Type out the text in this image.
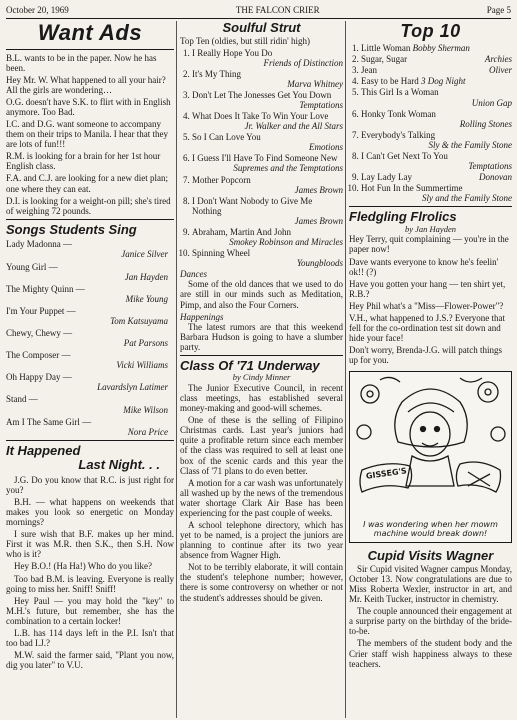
October 20, 1969	THE FALCON CRIER	Page 5
Want Ads

B.L. wants to be in the paper. Now he has been.

Hey Mr. W. What happened to all your hair? All the girls are wondering…

O.G. doesn't have S.K. to flirt with in English anymore. Too Bad.

I.C. and D.G. want someone to accompany them on their trips to Manila. I hear that they are lots of fun!!!

R.M. is looking for a brain for her 1st hour English class.

F.A. and C.J. are looking for a new diet plan; one where they can eat.

D.I. is looking for a weight-on pill; she's tired of weighing 72 pounds.

Songs Students Sing
Lady Madonna —
Janice Silver
Young Girl —
Jan Hayden
The Mighty Quinn —
Mike Young
I'm Your Puppet —
Tom Katsuyama
Chewy, Chewy —
Pat Parsons
The Composer —
Vicki Williams
Oh Happy Day —
Lavardslyn Latimer
Stand —
Mike Wilson
Am I The Same Girl —
Nora Price
It Happened
Last Night. . .

J.G. Do you know that R.C. is just right for you?

B.H. — what happens on weekends that makes you look so energetic on Monday mornings?

I sure wish that B.F. makes up her mind. First it was M.R. then S.K., then S.H. Now who is it?

Hey B.O.! (Ha Ha!) Who do you like?

Too bad B.M. is leaving. Everyone is really going to miss her. Sniff! Sniff!

Hey Paul — you may hold the "key" to M.H.'s future, but remember, she has the combination to a certain locker!

L.B. has 114 days left in the P.I. Isn't that too bad I.J.?

M.W. said the farmer said, "Plant you now, dig you later" to V.U.

Soulful Strut

Top Ten (oldies, but still ridin' high)

1. I Really Hope You Do
Friends of Distinction
2. It's My Thing
Marva Whitney
3. Don't Let The Jonesses Get You Down
Temptations
4. What Does It Take To Win Your Love
Jr. Walker and the All Stars
5. So I Can Love You
Emotions
6. I Guess I'll Have To Find Someone New
Supremes and the Temptations
7. Mother Popcorn
James Brown
8. I Don't Want Nobody to Give Me Nothing
James Brown
9. Abraham, Martin And John
Smokey Robinson and Miracles
10. Spinning Wheel
Youngbloods
Dances

Some of the old dances that we used to do are still in our minds such as Meditation, Pimp, and also the Four Corners.

Happenings

The latest rumors are that this weekend Barbara Hudson is going to have a slumber party.

Class Of '71 Underway
by Cindy Minner

The Junior Executive Council, in recent class meetings, has established several money-making and good-will schemes.

One of these is the selling of Filipino Christmas cards. Last year's juniors had quite a profitable return since each member of the class was required to sell at least one box of the scenic cards and this year the Class of '71 plans to do even better.

A motion for a car wash was unfortunately all washed up by the news of the tremendous water shortage Clark Air Base has been experiencing for the past couple of weeks.

A school telephone directory, which has yet to be named, is a project the juniors are planning to continue after its two year absence from Wagner High.

Not to be terribly elaborate, it will contain the student's telephone number; however, there is some controversy on whether or not the student's addresses should be given.

Top 10
1. Little Woman Bobby Sherman
2. Sugar, Sugar	Archies
3. Jean	Oliver
4. Easy to be Hard 3 Dog Night
5. This Girl Is a Woman
Union Gap
6. Honky Tonk Woman
Rolling Stones
7. Everybody's Talking
Sly & the Family Stone
8. I Can't Get Next To You
Temptations
9. Lay Lady Lay	Donovan
10. Hot Fun In the Summertime
Sly and the Family Stone
Fledgling Flrolics
by Jan Hayden

Hey Terry, quit complaining — you're in the paper now!

Dave wants everyone to know he's feelin' ok!! (?)

Have you gotten your hang — ten shirt yet, R.B.?

Hey Phil what's a "Miss—Flower-Power"?

V.H., what happened to J.S.? Everyone that fell for the co-ordination test sit down and hide your face!

Don't worry, Brenda-J.G. will patch things up for you.

GISSEG'S
I was wondering when her mowm machine would break down!
Cupid Visits Wagner

Sir Cupid visited Wagner campus Monday, October 13. Now congratulations are due to Miss Roberta Wexler, instructor in art, and Mr. Keith Tucker, instructor in chemistry.

The couple announced their engagement at a surprise party on the birthday of the bride-to-be.

The members of the student body and the Crier staff wish happiness always to these teachers.
